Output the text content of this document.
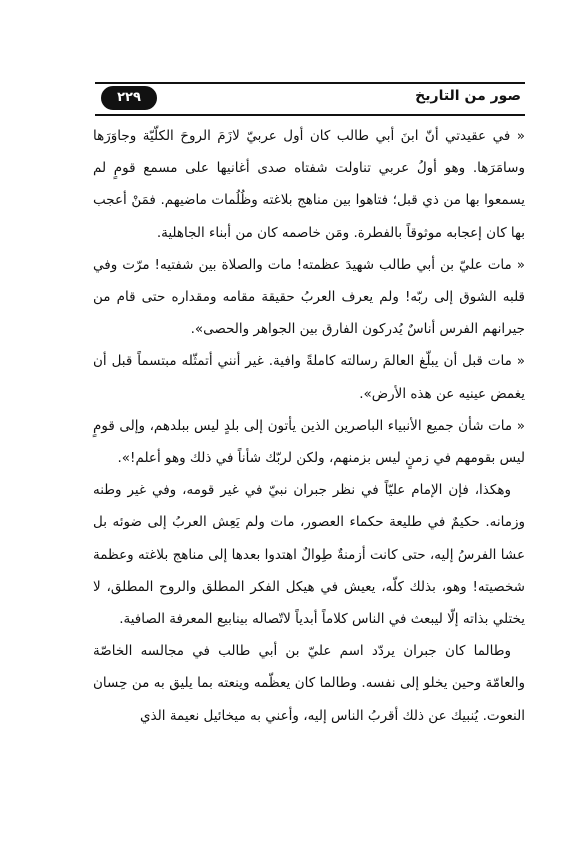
صور من التاريخ
٢٢٩

« في عقيدتي أنّ ابنَ أبي طالب كان أول عربيّ لازَمَ الروحَ الكلّيّة وجاوَرَها وسامَرَها. وهو أولُ عربي تناولت شفتاه صدى أغانيها على مسمع قومٍ لم يسمعوا بها من ذي قبل؛ فتاهوا بين مناهج بلاغته وظُلُمات ماضيهم. فمَنْ أعجب بها كان إعجابه موثوقاً بالفطرة. ومَن خاصمه كان من أبناء الجاهلية.

« مات عليّ بن أبي طالب شهيدَ عظمته! مات والصلاة بين شفتيه! مرّت وفي قلبه الشوق إلى ربّه! ولم يعرف العربُ حقيقة مقامه ومقداره حتى قام من جيرانهم الفرس أناسٌ يُدركون الفارق بين الجواهر والحصى».

« مات قبل أن يبلّغ العالمَ رسالته كاملةً وافية. غير أنني أتمثّله مبتسماً قبل أن يغمض عينيه عن هذه الأرض».

« مات شأن جميع الأنبياء الباصرين الذين يأتون إلى بلدٍ ليس ببلدهم، وإلى قومٍ ليس بقومهم في زمنٍ ليس بزمنهم، ولكن لربّك شأناً في ذلك وهو أعلم!».

وهكذا، فإن الإمام عليّاً في نظر جبران نبيّ في غير قومه، وفي غير وطنه وزمانه. حكيمٌ في طليعة حكماء العصور، مات ولم يَعِش العربُ إلى ضوئه بل عشا الفرسُ إليه، حتى كانت أزمنةٌ طِوالٌ اهتدوا بعدها إلى مناهج بلاغته وعظمة شخصيته! وهو، بذلك كلّه، يعيش في هيكل الفكر المطلق والروح المطلق، لا يختلي بذاته إلّا ليبعث في الناس كلاماً أبدياً لاتّصاله بينابيع المعرفة الصافية.

وطالما كان جبران يردّد اسم عليّ بن أبي طالب في مجالسه الخاصّة والعامّة وحين يخلو إلى نفسه. وطالما كان يعظّمه وينعته بما يليق به من حِسان النعوت. يُنبيك عن ذلك أقربُ الناس إليه، وأعني به ميخائيل نعيمة الذي
